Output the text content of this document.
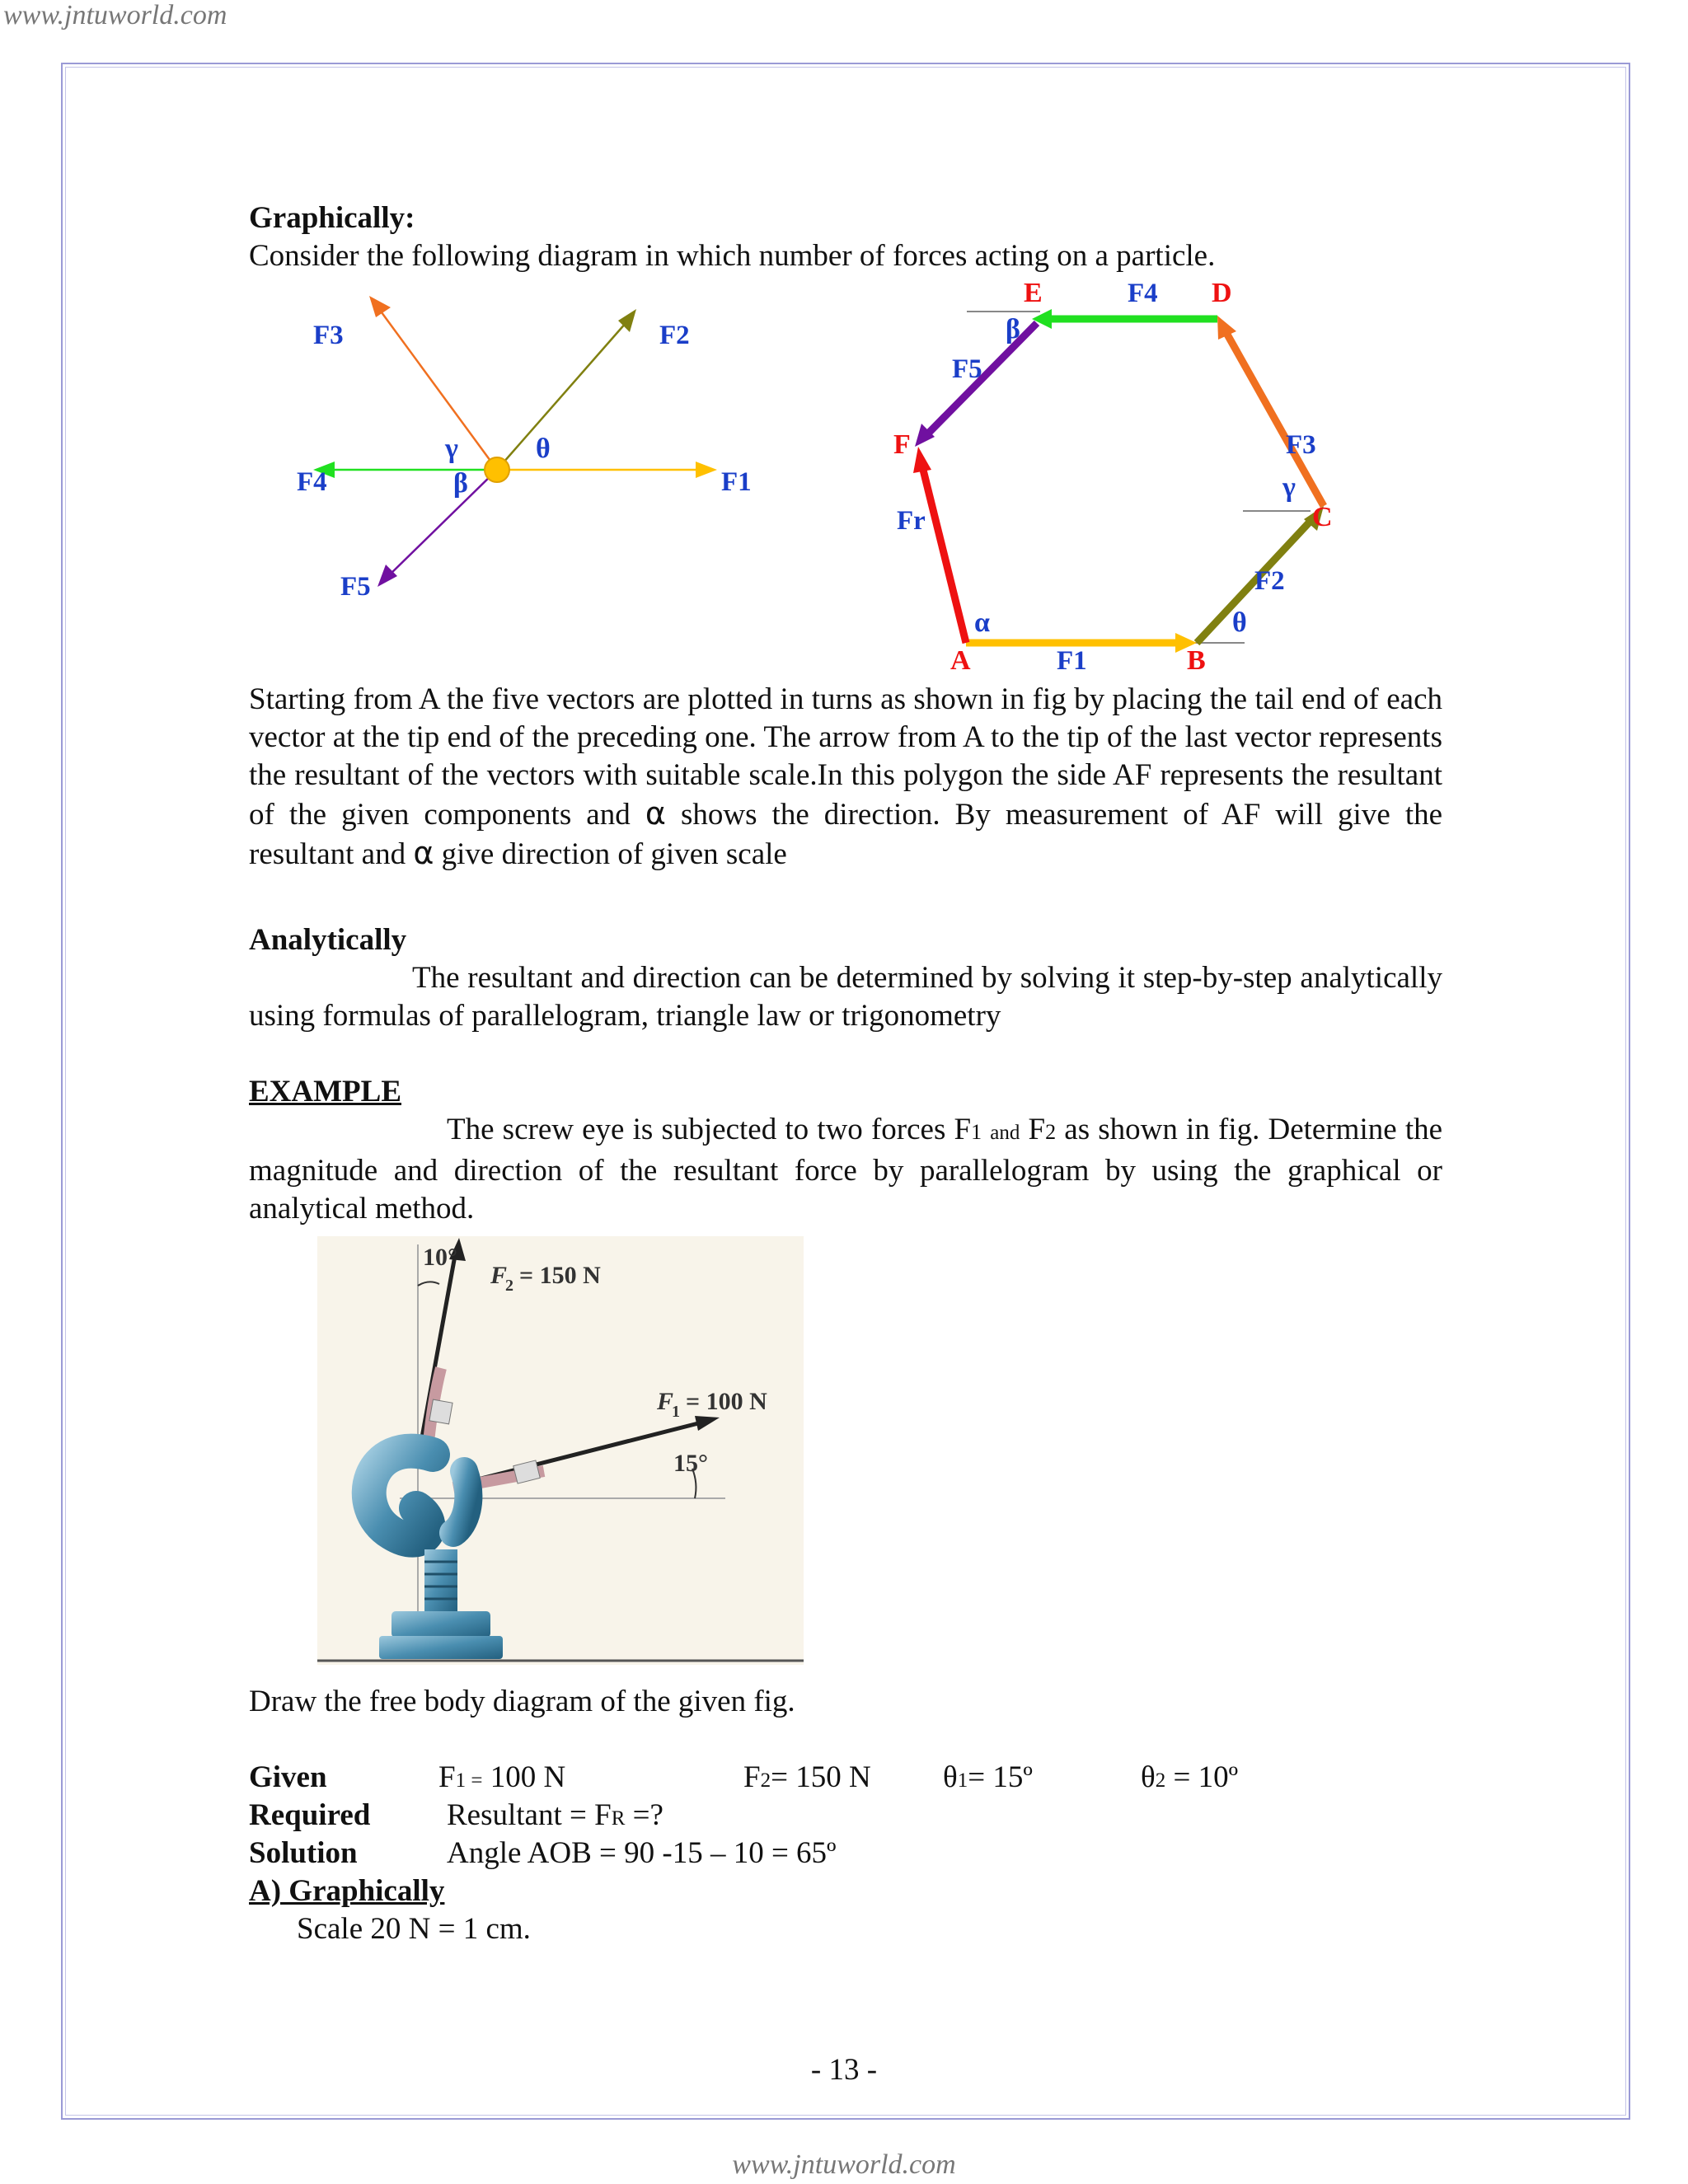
www.jntuworld.com
Graphically:
Consider the following diagram in which number of forces acting on a particle.
F3	F2
F1
F4
F5
γ	θ
β
A	B
C
D
E
F
F1
F2
F3
F4
F5
Fr
α	θ
γ
β
Starting from A the five vectors are plotted in turns as shown in fig by placing the tail end of each vector at the tip end of the preceding one. The arrow from A to the tip of the last vector represents the resultant of the vectors with suitable scale.In this polygon the side AF represents the resultant of the given components and α shows the direction. By measurement of AF will give the resultant and α give direction of given scale
Analytically
The resultant and direction can be determined by solving it step-by-step analytically using formulas of parallelogram, triangle law or trigonometry
EXAMPLE
The screw eye is subjected to two forces F1 and F2 as shown in fig. Determine the magnitude and direction of the resultant force by parallelogram by using the graphical or analytical method.
10°
F
2 = 150 N
F
1 = 100 N
15°
Draw the free body diagram of the given fig.
Given	F1 = 100 N	F2= 150 N θ1= 15º	θ2 = 10º
Required	Resultant = FR =?
Solution	Angle AOB = 90 -15 – 10 = 65º
A) Graphically
Scale 20 N = 1 cm.
- 13 -
www.jntuworld.com
